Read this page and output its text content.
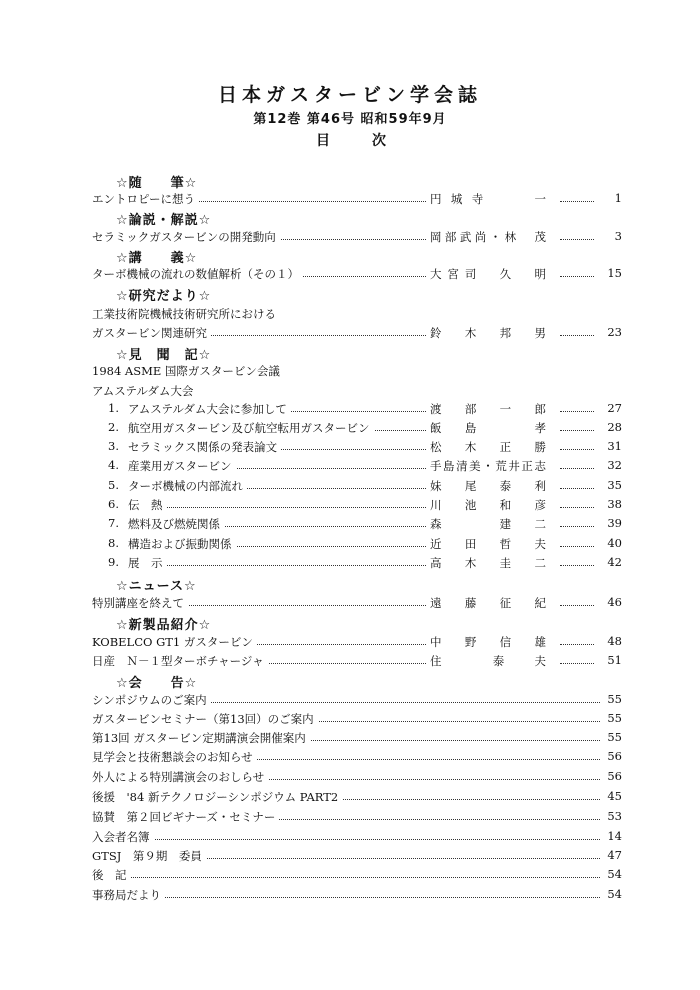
日本ガスタービン学会誌
第12巻 第46号 昭和59年9月
目	次
☆随　　筆☆
エントロピーに想う	円城寺　　一	1
☆論説・解説☆
セラミックガスタービンの開発動向	岡部武尚・林　茂	3
☆講　　義☆
ターボ機械の流れの数値解析（その１）	大宮司　久　明	15
☆研究だより☆
工業技術院機械技術研究所における
ガスタービン関連研究	鈴　木　邦　男	23
☆見　聞　記☆
1984 ASME 国際ガスタービン会議
アムステルダム大会
1. アムステルダム大会に参加して	渡　部　一　郎	27
2. 航空用ガスタービン及び航空転用ガスタービン	飯　島　　　孝	28
3. セラミックス関係の発表論文	松　木　正　勝	31
4. 産業用ガスタービン	手島清美・荒井正志	32
5. ターボ機械の内部流れ	妹　尾　泰　利	35
6. 伝　熱	川　池　和　彦	38
7. 燃料及び燃焼関係	森　　　建　二	39
8. 構造および振動関係	近　田　哲　夫	40
9. 展　示	高　木　圭　二	42
☆ニュース☆
特別講座を終えて	遠　藤　征　紀	46
☆新製品紹介☆
KOBELCO GT1 ガスタービン	中　野　信　雄	48
日産　Ｎ－１型ターボチャージャ	住　　泰　夫	51
☆会　　告☆
シンポジウムのご案内	55
ガスタービンセミナー（第13回）のご案内	55
第13回 ガスタービン定期講演会開催案内	55
見学会と技術懇談会のお知らせ	56
外人による特別講演会のおしらせ	56
後援　'84 新テクノロジーシンポジウム PART2	45
協賛　第２回ビギナーズ・セミナー	53
入会者名簿	14
GTSJ　第９期　委員	47
後　記	54
事務局だより	54
